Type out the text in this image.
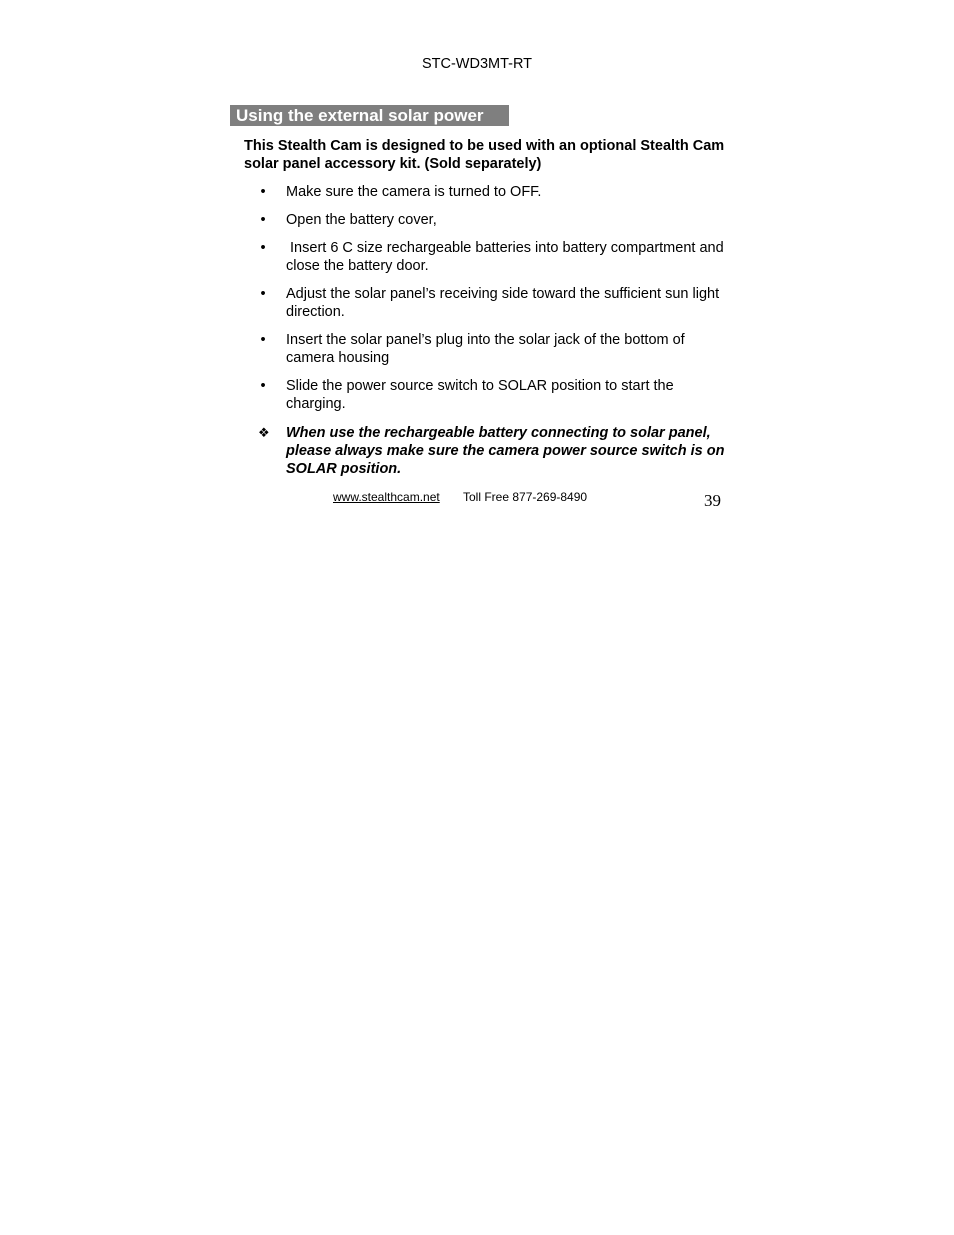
STC-WD3MT-RT
Using the external solar power
This Stealth Cam is designed to be used with an optional Stealth Cam solar panel accessory kit. (Sold separately)
• Make sure the camera is turned to OFF.
• Open the battery cover,
• Insert 6 C size rechargeable batteries into battery compartment and close the battery door.
• Adjust the solar panel’s receiving side toward the sufficient sun light direction.
• Insert the solar panel’s plug into the solar jack of the bottom of camera housing
• Slide the power source switch to SOLAR position to start the charging.
❖ When use the rechargeable battery connecting to solar panel, please always make sure the camera power source switch is on SOLAR position.
www.stealthcam.net Toll Free 877-269-8490	39
